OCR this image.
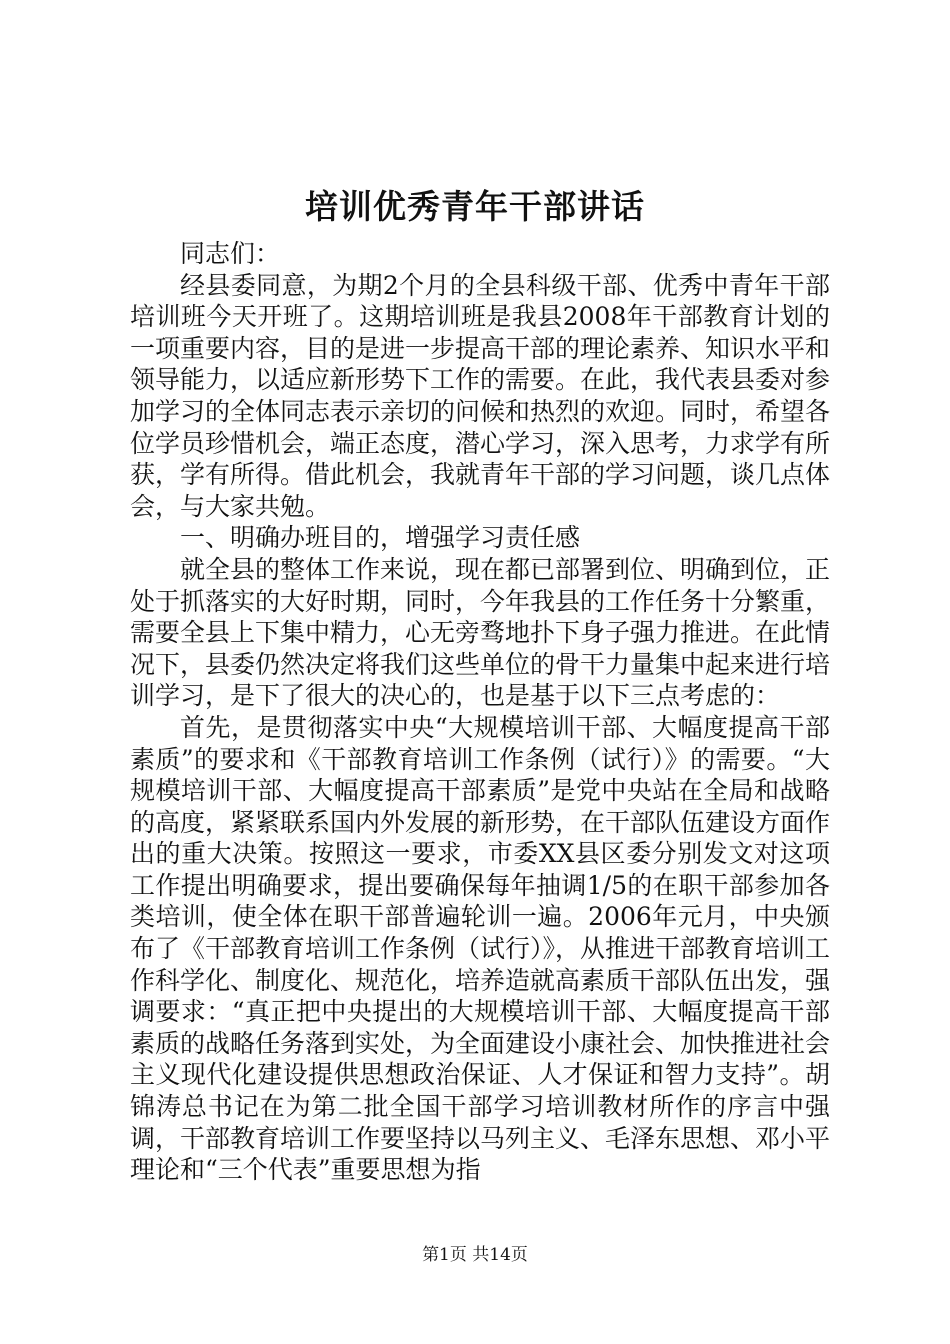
培训优秀青年干部讲话

同志们：

经县委同意，为期2个月的全县科级干部、优秀中青年干部培训班今天开班了。这期培训班是我县2008年干部教育计划的一项重要内容，目的是进一步提高干部的理论素养、知识水平和领导能力，以适应新形势下工作的需要。在此，我代表县委对参加学习的全体同志表示亲切的问候和热烈的欢迎。同时，希望各位学员珍惜机会，端正态度，潜心学习，深入思考，力求学有所获，学有所得。借此机会，我就青年干部的学习问题，谈几点体会，与大家共勉。

一、明确办班目的，增强学习责任感

就全县的整体工作来说，现在都已部署到位、明确到位，正处于抓落实的大好时期，同时，今年我县的工作任务十分繁重，需要全县上下集中精力，心无旁骛地扑下身子强力推进。在此情况下，县委仍然决定将我们这些单位的骨干力量集中起来进行培训学习，是下了很大的决心的，也是基于以下三点考虑的：

首先，是贯彻落实中央“大规模培训干部、大幅度提高干部素质”的要求和《干部教育培训工作条例（试行）》的需要。“大规模培训干部、大幅度提高干部素质”是党中央站在全局和战略的高度，紧紧联系国内外发展的新形势，在干部队伍建设方面作出的重大决策。按照这一要求，市委XX县区委分别发文对这项工作提出明确要求，提出要确保每年抽调1/5的在职干部参加各类培训，使全体在职干部普遍轮训一遍。2006年元月，中央颁布了《干部教育培训工作条例（试行）》，从推进干部教育培训工作科学化、制度化、规范化，培养造就高素质干部队伍出发，强调要求：“真正把中央提出的大规模培训干部、大幅度提高干部素质的战略任务落到实处，为全面建设小康社会、加快推进社会主义现代化建设提供思想政治保证、人才保证和智力支持”。胡锦涛总书记在为第二批全国干部学习培训教材所作的序言中强调，干部教育培训工作要坚持以马列主义、毛泽东思想、邓小平理论和“三个代表”重要思想为指

第1页 共14页
